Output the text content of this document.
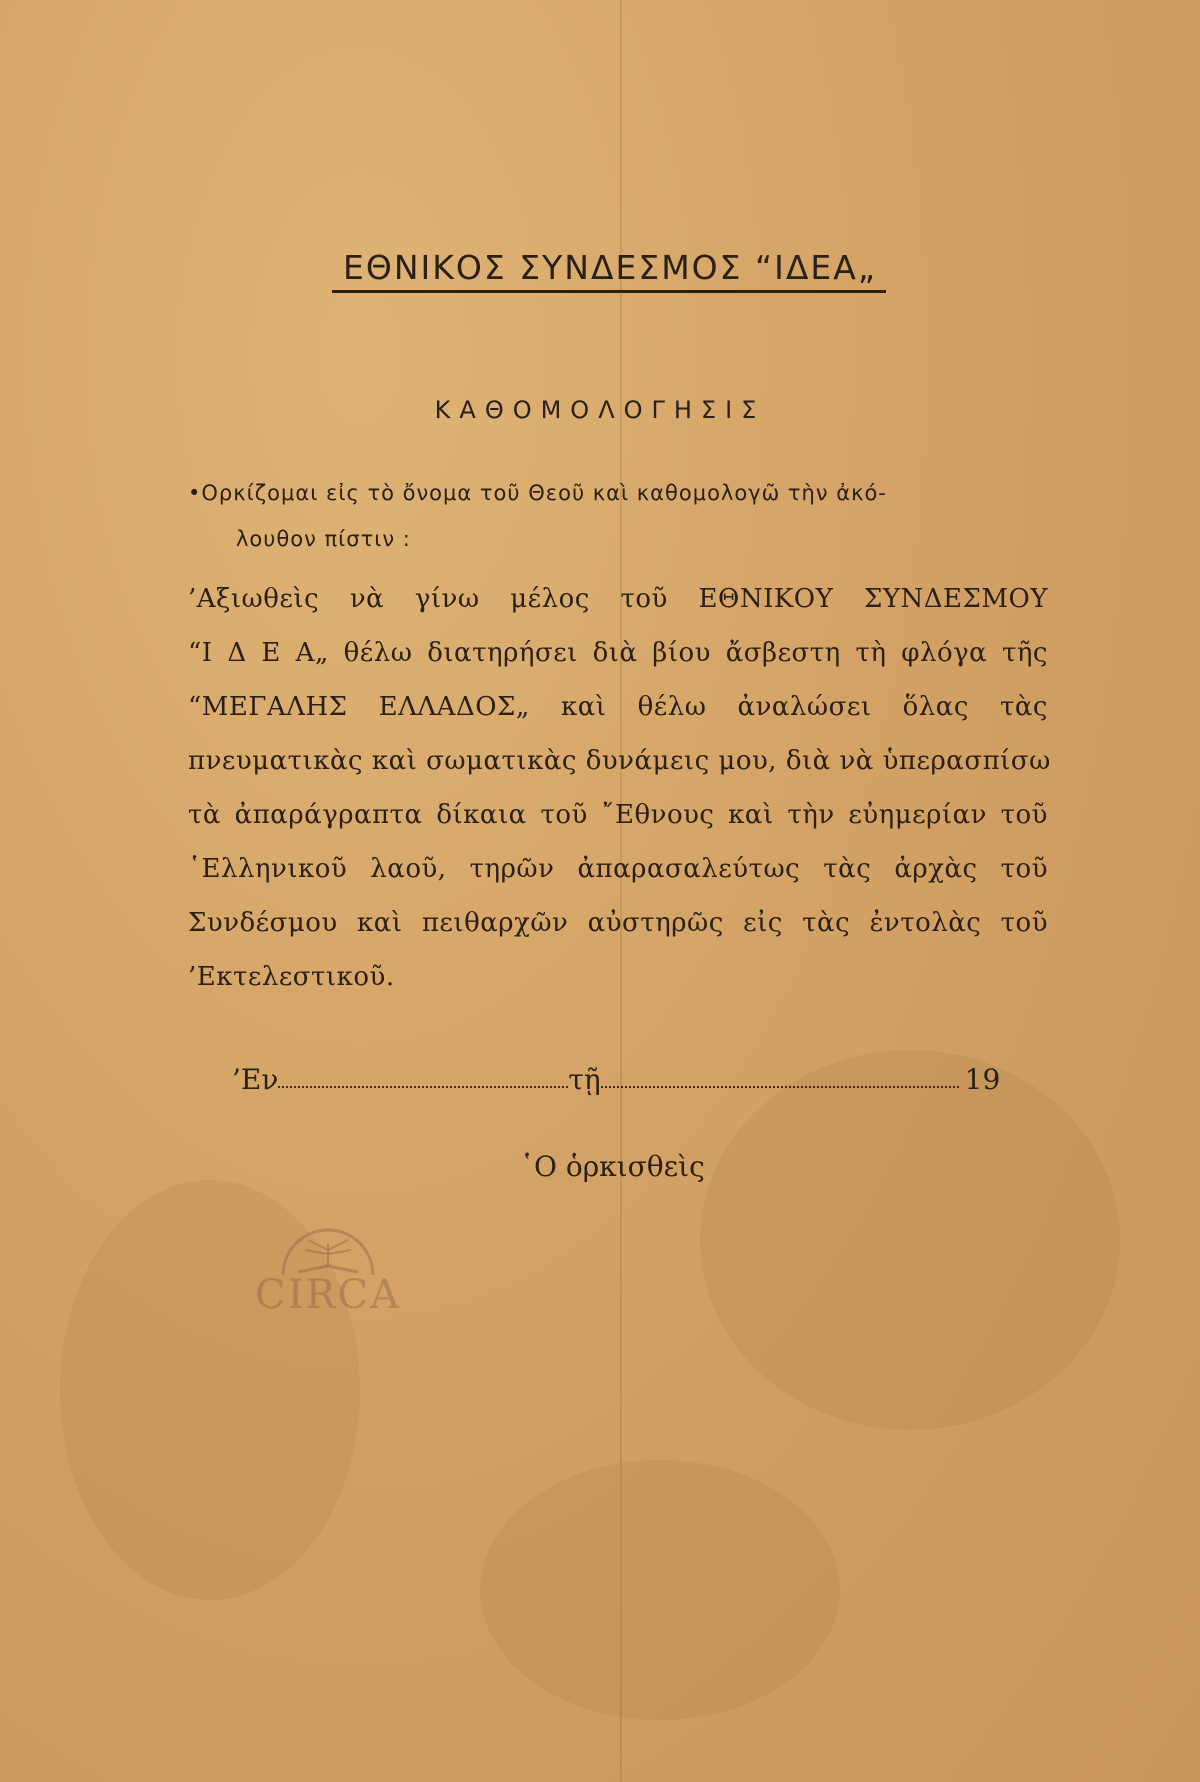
ΕΘΝΙΚΟΣ ΣΥΝΔΕΣΜΟΣ “ΙΔΕΑ„
ΚΑΘΟΜΟΛΟΓΗΣΙΣ
•Ορκίζομαι εἰς τὸ ὄνομα τοῦ Θεοῦ καὶ καθομολογῶ τὴν ἀκό-
λουθον πίστιν :
’Αξιωθεὶς νὰ γίνω μέλος τοῦ ΕΘΝΙΚΟΥ ΣΥΝΔΕΣΜΟΥ
“Ι Δ Ε Α„ θέλω διατηρήσει διὰ βίου ἄσβεστη τὴ φλόγα τῆς
“ΜΕΓΑΛΗΣ ΕΛΛΑΔΟΣ„ καὶ θέλω ἀναλώσει ὅλας τὰς
πνευματικὰς καὶ σωματικὰς δυνάμεις μου, διὰ νὰ ὑπερασπίσω
τὰ ἀπαράγραπτα δίκαια τοῦ ῎Εθνους καὶ τὴν εὐημερίαν τοῦ
῾Ελληνικοῦ λαοῦ, τηρῶν ἀπαρασαλεύτως τὰς ἀρχὰς τοῦ
Συνδέσμου καὶ πειθαρχῶν αὐστηρῶς εἰς τὰς ἐντολὰς τοῦ
’Εκτελεστικοῦ.
’Εν	τῇ	19
῾Ο ὁρκισθεὶς
CIRCA
